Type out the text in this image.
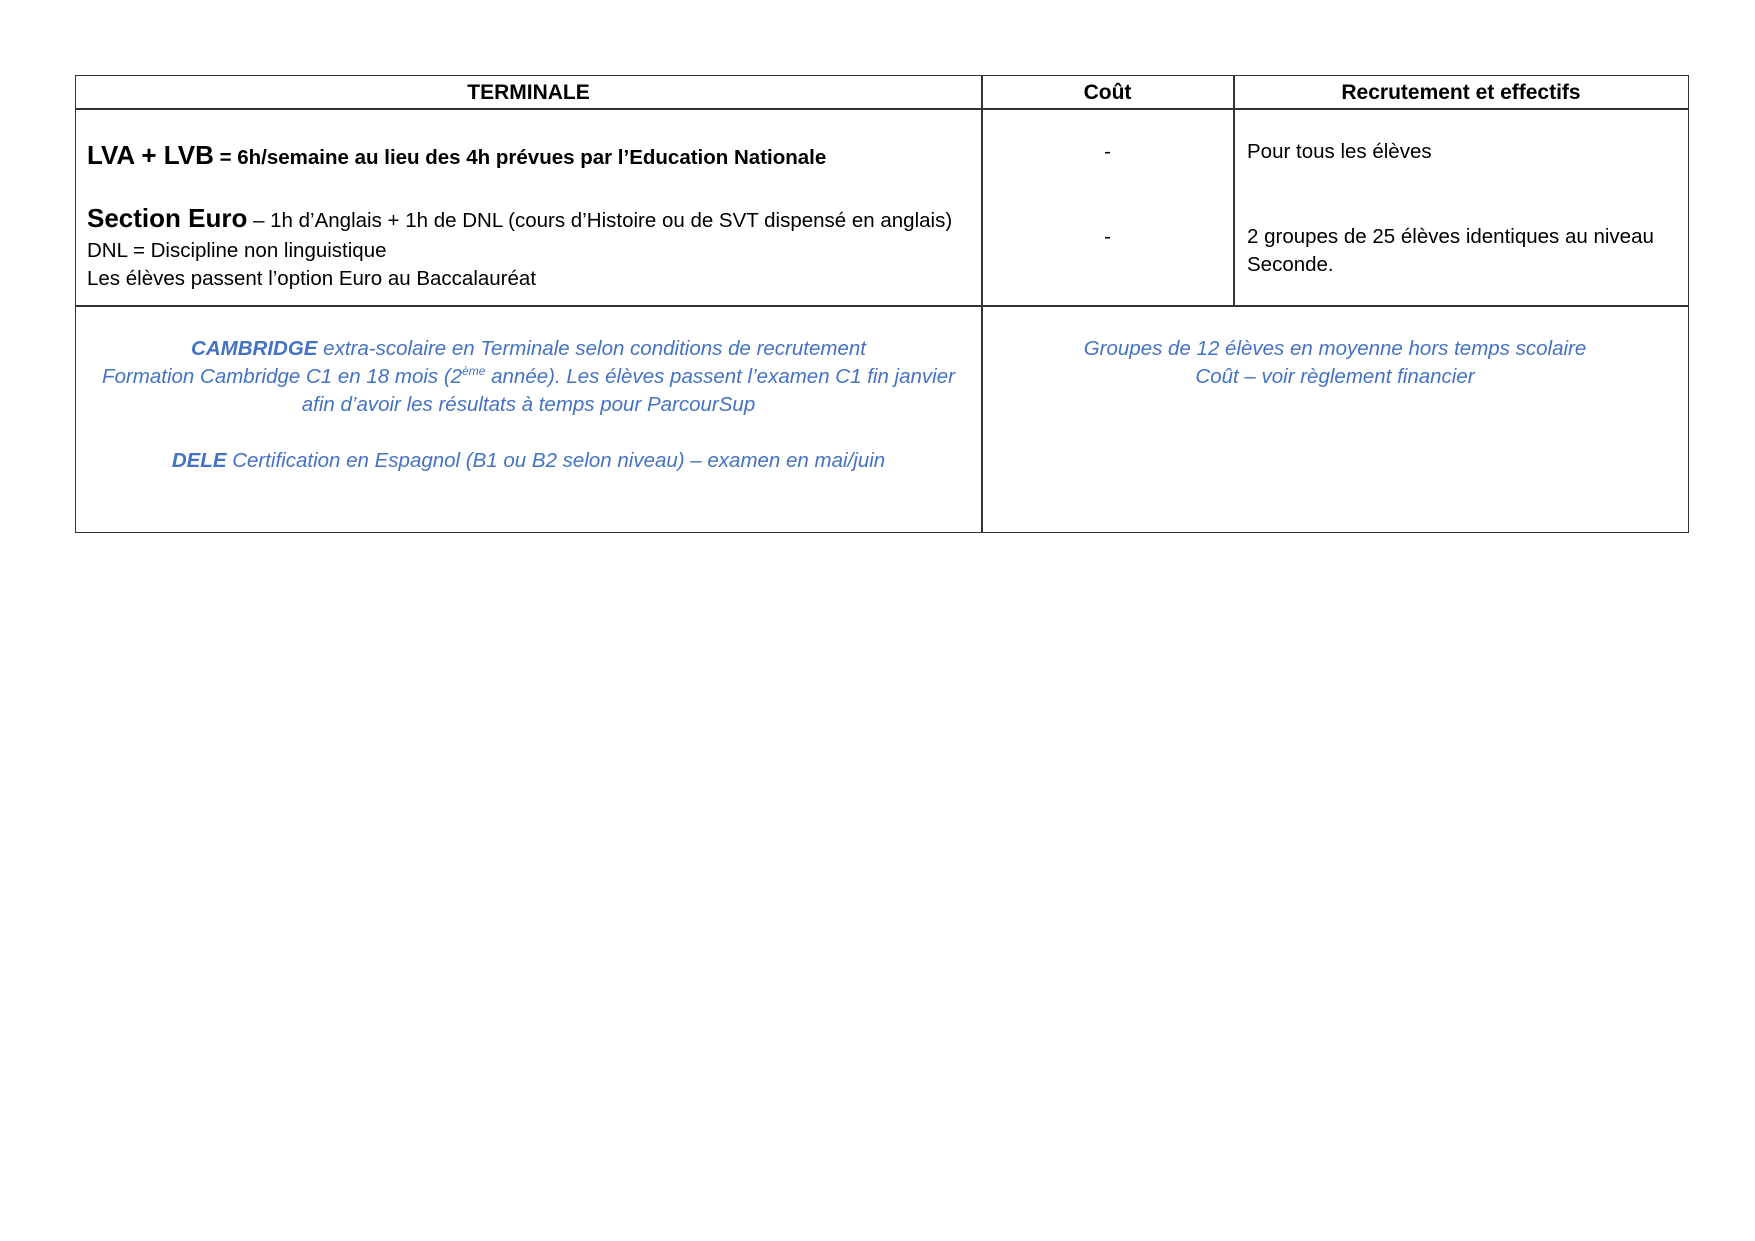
TERMINALE	Coût	Recrutement et effectifs
LVA + LVB = 6h/semaine au lieu des 4h prévues par l’Education Nationale	-	Pour tous les élèves
Section Euro – 1h d’Anglais + 1h de DNL (cours d’Histoire ou de SVT dispensé en anglais)
DNL = Discipline non linguistique
Les élèves passent l’option Euro au Baccalauréat
-	2 groupes de 25 élèves identiques au niveau
Seconde.
CAMBRIDGE extra-scolaire en Terminale selon conditions de recrutement
Formation Cambridge C1 en 18 mois (2ème année). Les élèves passent l’examen C1 fin janvier
afin d’avoir les résultats à temps pour ParcourSup
DELE Certification en Espagnol (B1 ou B2 selon niveau) – examen en mai/juin
Groupes de 12 élèves en moyenne hors temps scolaire
Coût – voir règlement financier
